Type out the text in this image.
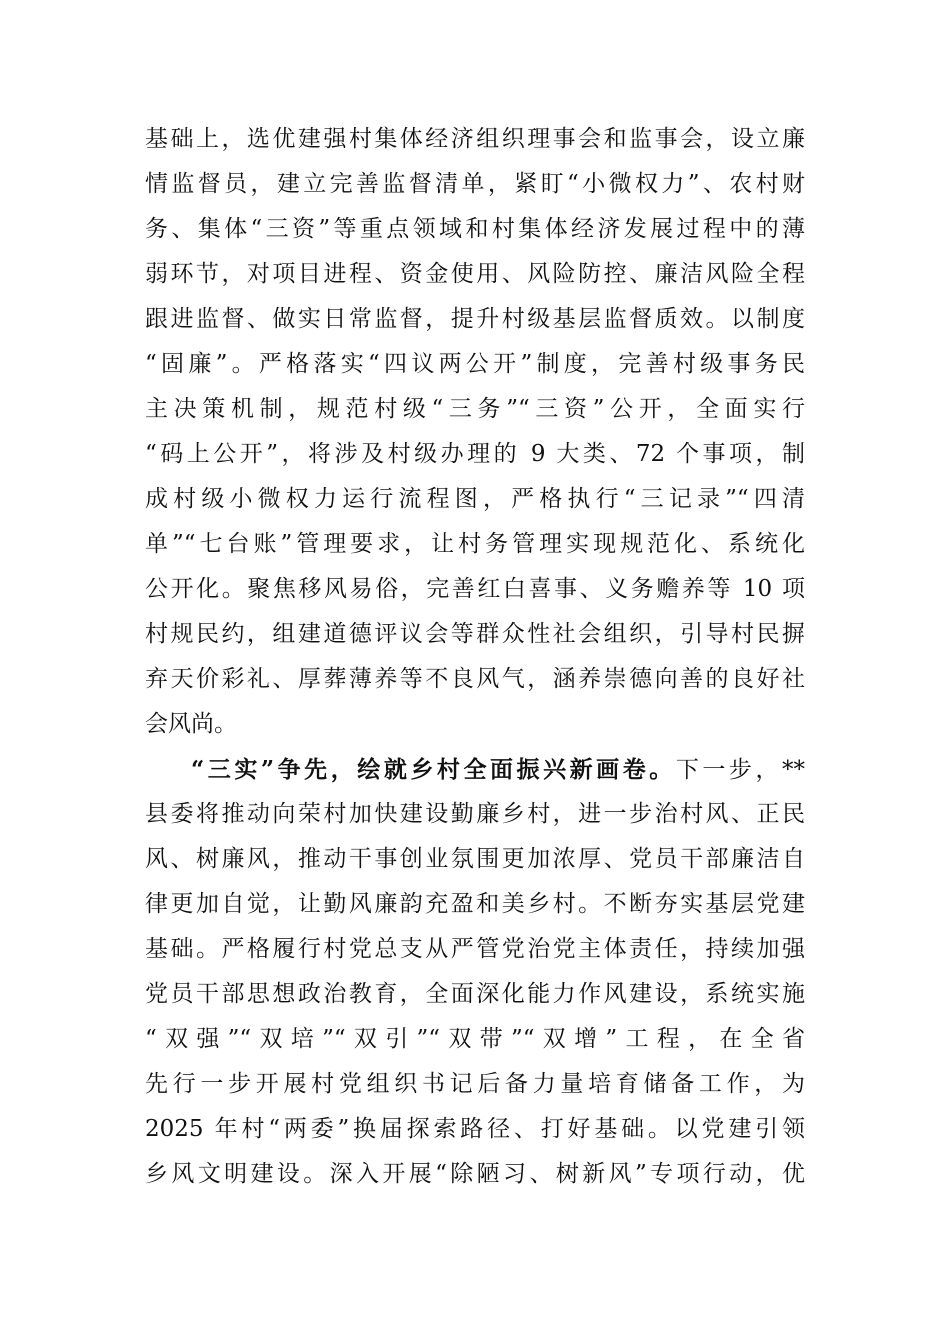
基础上，选优建强村集体经济组织理事会和监事会，设立廉
情监督员，建立完善监督清单，紧盯“小微权力”、农村财
务、集体“三资”等重点领域和村集体经济发展过程中的薄
弱环节，对项目进程、资金使用、风险防控、廉洁风险全程
跟进监督、做实日常监督，提升村级基层监督质效。以制度
“固廉”。严格落实“四议两公开”制度，完善村级事务民
主决策机制，规范村级“三务”“三资”公开，全面实行
“码上公开”，将涉及村级办理的 9 大类、72 个事项，制
成村级小微权力运行流程图，严格执行“三记录”“四清
单”“七台账”管理要求，让村务管理实现规范化、系统化
公开化。聚焦移风易俗，完善红白喜事、义务赡养等 10 项
村规民约，组建道德评议会等群众性社会组织，引导村民摒
弃天价彩礼、厚葬薄养等不良风气，涵养崇德向善的良好社
会风尚。
“三实”争先，绘就乡村全面振兴新画卷。下一步，**
县委将推动向荣村加快建设勤廉乡村，进一步治村风、正民
风、树廉风，推动干事创业氛围更加浓厚、党员干部廉洁自
律更加自觉，让勤风廉韵充盈和美乡村。不断夯实基层党建
基础。严格履行村党总支从严管党治党主体责任，持续加强
党员干部思想政治教育，全面深化能力作风建设，系统实施
“双强”“双培”“双引”“双带”“双增”工程，在全省
先行一步开展村党组织书记后备力量培育储备工作，为
2025 年村“两委”换届探索路径、打好基础。以党建引领
乡风文明建设。深入开展“除陋习、树新风”专项行动，优
